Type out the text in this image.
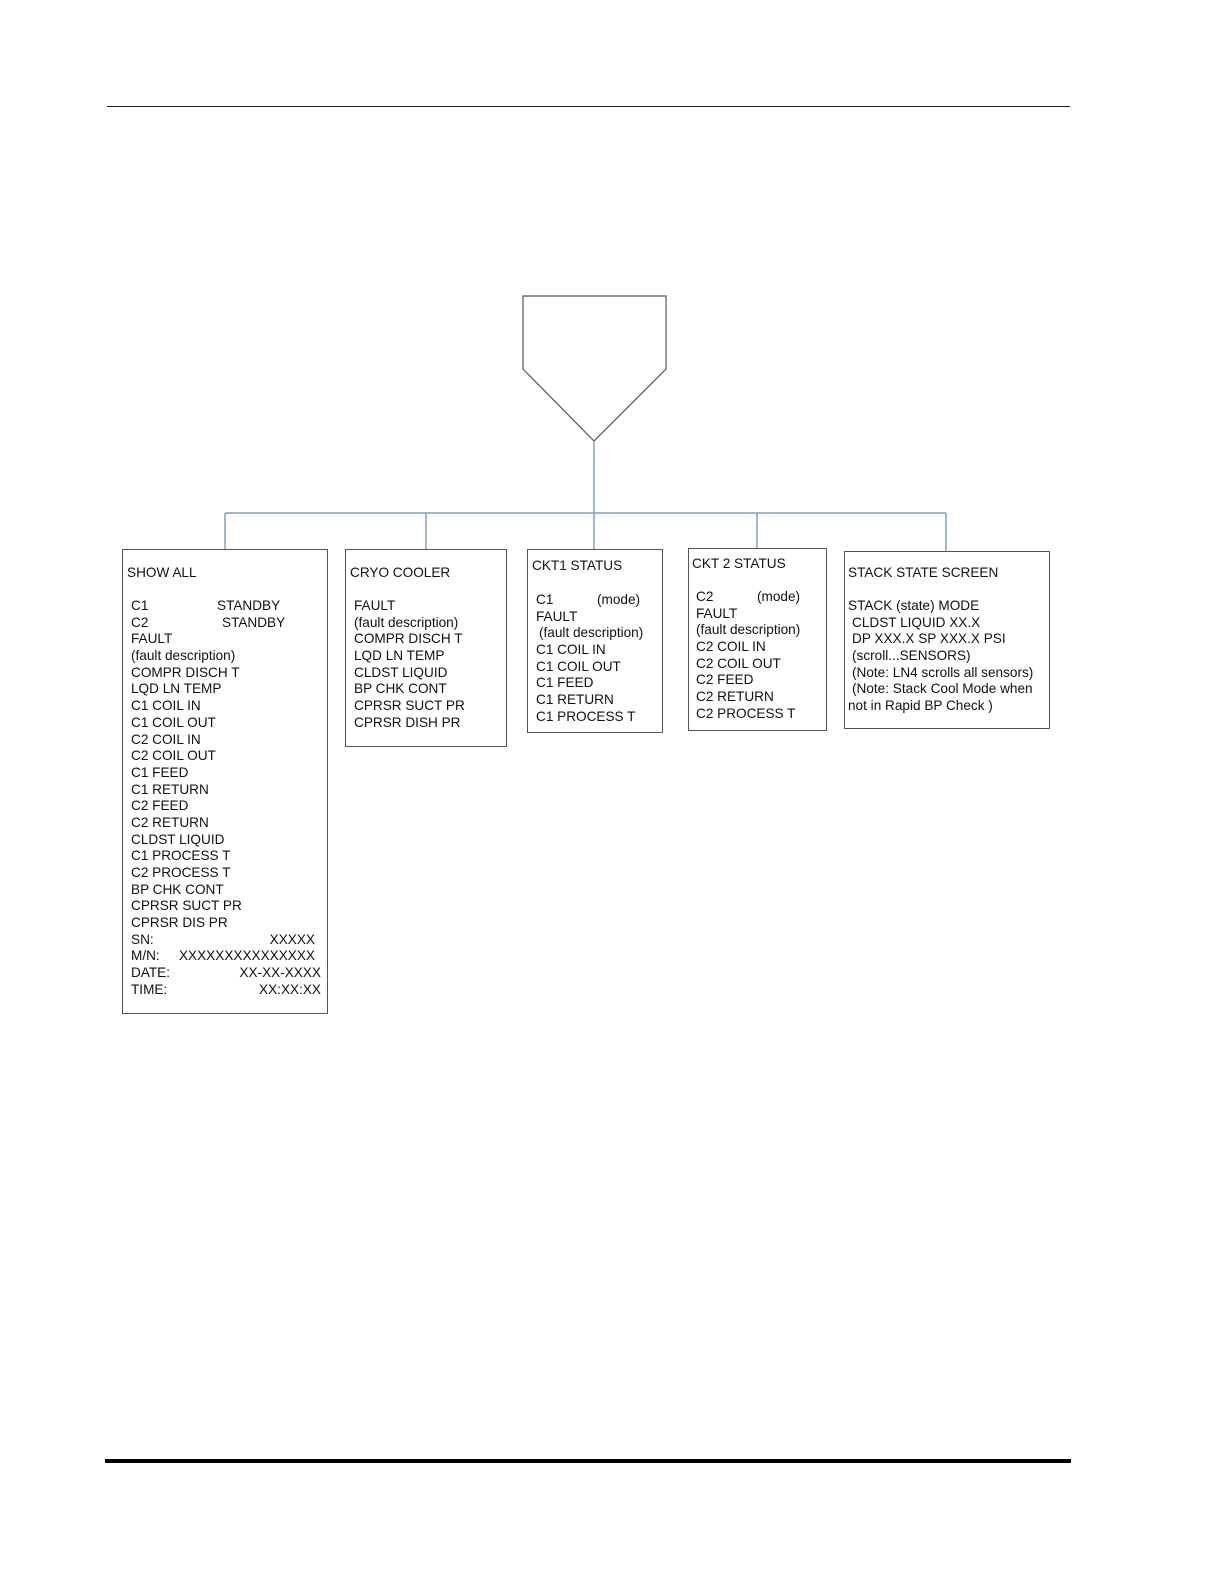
SHOW ALL
C1	STANDBY
C2	STANDBY
FAULT
(fault description)
COMPR DISCH T
LQD LN TEMP
C1 COIL IN
C1 COIL OUT
C2 COIL IN
C2 COIL OUT
C1 FEED
C1 RETURN
C2 FEED
C2 RETURN
CLDST LIQUID
C1 PROCESS T
C2 PROCESS T
BP CHK CONT
CPRSR SUCT PR
CPRSR DIS PR
SN:	XXXXX
M/N: XXXXXXXXXXXXXXX
DATE:	XX-XX-XXXX
TIME:	XX:XX:XX
CRYO COOLER
FAULT
(fault description)
COMPR DISCH T
LQD LN TEMP
CLDST LIQUID
BP CHK CONT
CPRSR SUCT PR
CPRSR DISH PR
CKT1 STATUS
C1	(mode)
FAULT
(fault description)
C1 COIL IN
C1 COIL OUT
C1 FEED
C1 RETURN
C1 PROCESS T
CKT 2 STATUS
C2	(mode)
FAULT
(fault description)
C2 COIL IN
C2 COIL OUT
C2 FEED
C2 RETURN
C2 PROCESS T
STACK STATE SCREEN
STACK (state) MODE
CLDST LIQUID XX.X
DP XXX.X SP XXX.X PSI
(scroll...SENSORS)
(Note: LN4 scrolls all sensors)
(Note: Stack Cool Mode when
not in Rapid BP Check )
